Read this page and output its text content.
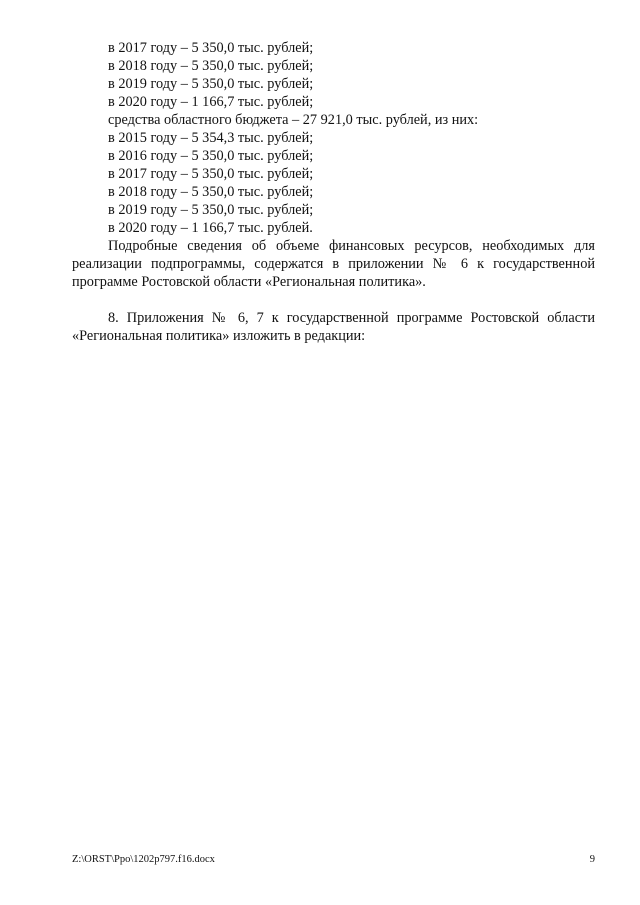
в 2017 году – 5 350,0 тыс. рублей;
в 2018 году – 5 350,0 тыс. рублей;
в 2019 году – 5 350,0 тыс. рублей;
в 2020 году – 1 166,7 тыс. рублей;
средства областного бюджета – 27 921,0 тыс. рублей, из них:
в 2015 году – 5 354,3 тыс. рублей;
в 2016 году – 5 350,0 тыс. рублей;
в 2017 году – 5 350,0 тыс. рублей;
в 2018 году – 5 350,0 тыс. рублей;
в 2019 году – 5 350,0 тыс. рублей;
в 2020 году – 1 166,7 тыс. рублей.

Подробные сведения об объеме финансовых ресурсов, необходимых для реализации подпрограммы, содержатся в приложении № 6 к государственной программе Ростовской области «Региональная политика».

8. Приложения № 6, 7 к государственной программе Ростовской области «Региональная политика» изложить в редакции:

Z:\ORST\Ppo\1202p797.f16.docx	9
